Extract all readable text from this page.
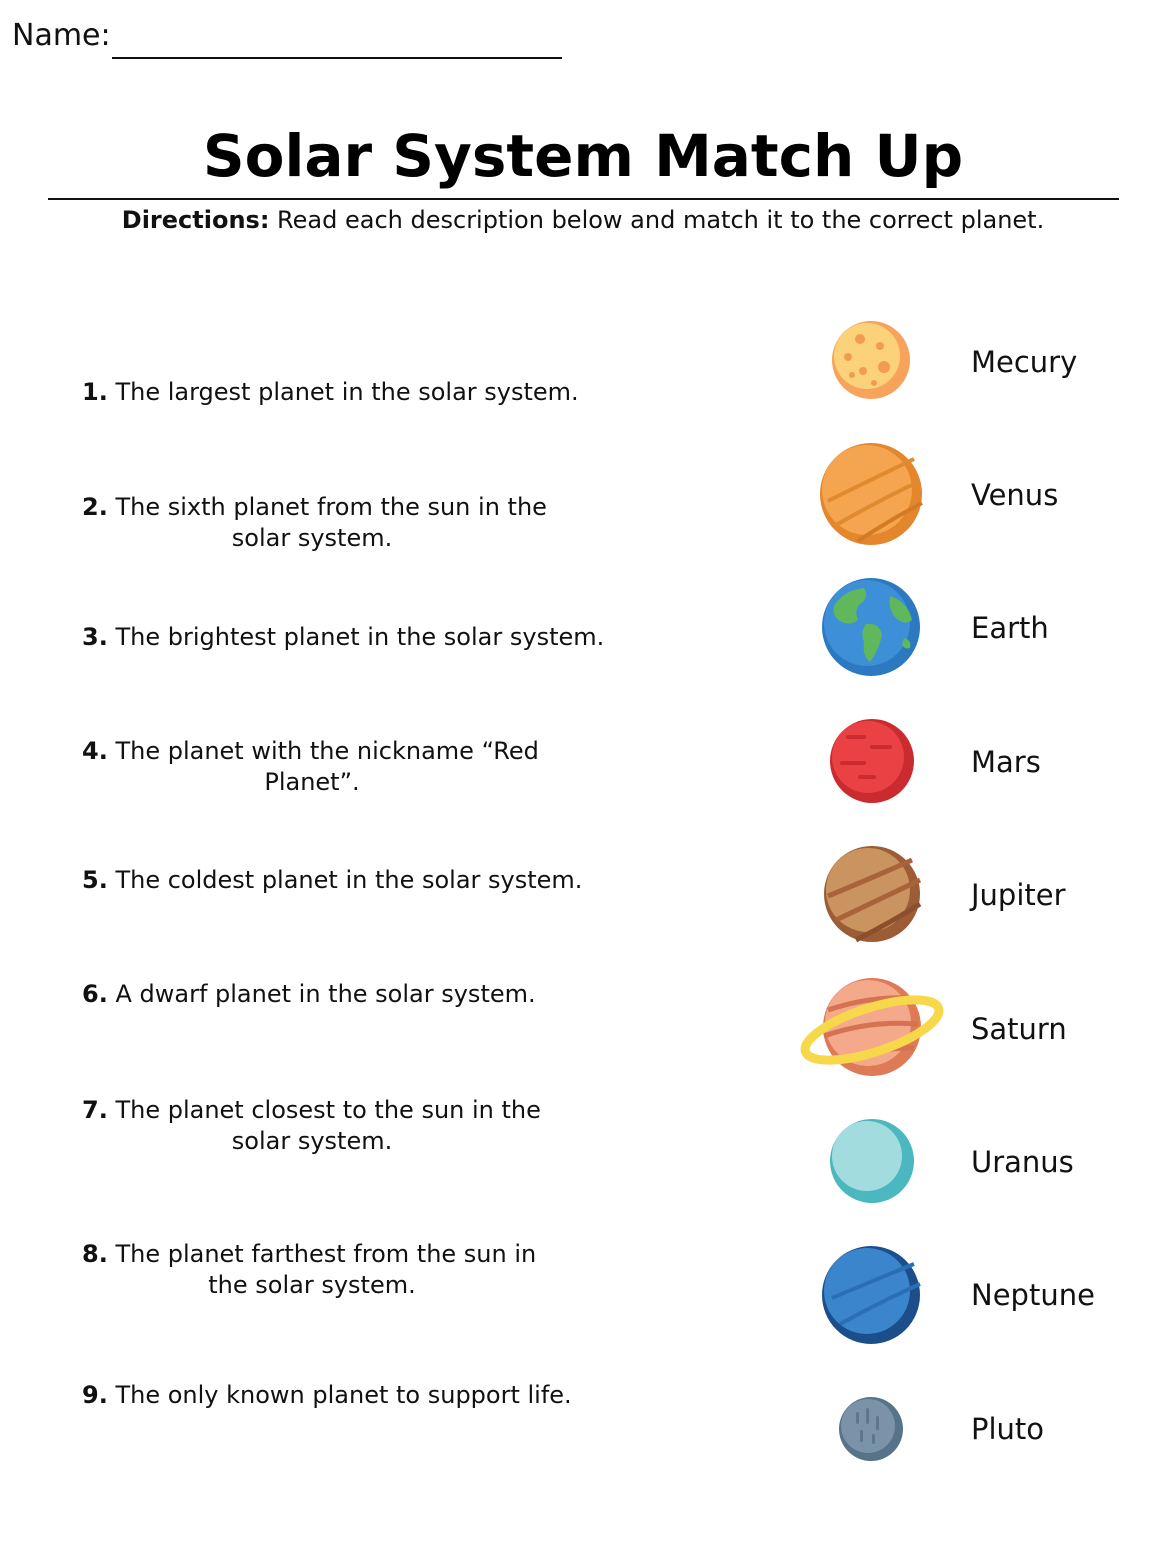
Name:
Solar System Match Up
Directions: Read each description below and match it to the correct planet.
1. The largest planet in the solar system.
2. The sixth planet from the sun in the
solar system.
3. The brightest planet in the solar system.
4. The planet with the nickname “Red
Planet”.
5. The coldest planet in the solar system.
6. A dwarf planet in the solar system.
7. The planet closest to the sun in the
solar system.
8. The planet farthest from the sun in
the solar system.
9. The only known planet to support life.
Mecury
Venus
Earth
Mars
Jupiter
Saturn
Uranus
Neptune
Pluto
